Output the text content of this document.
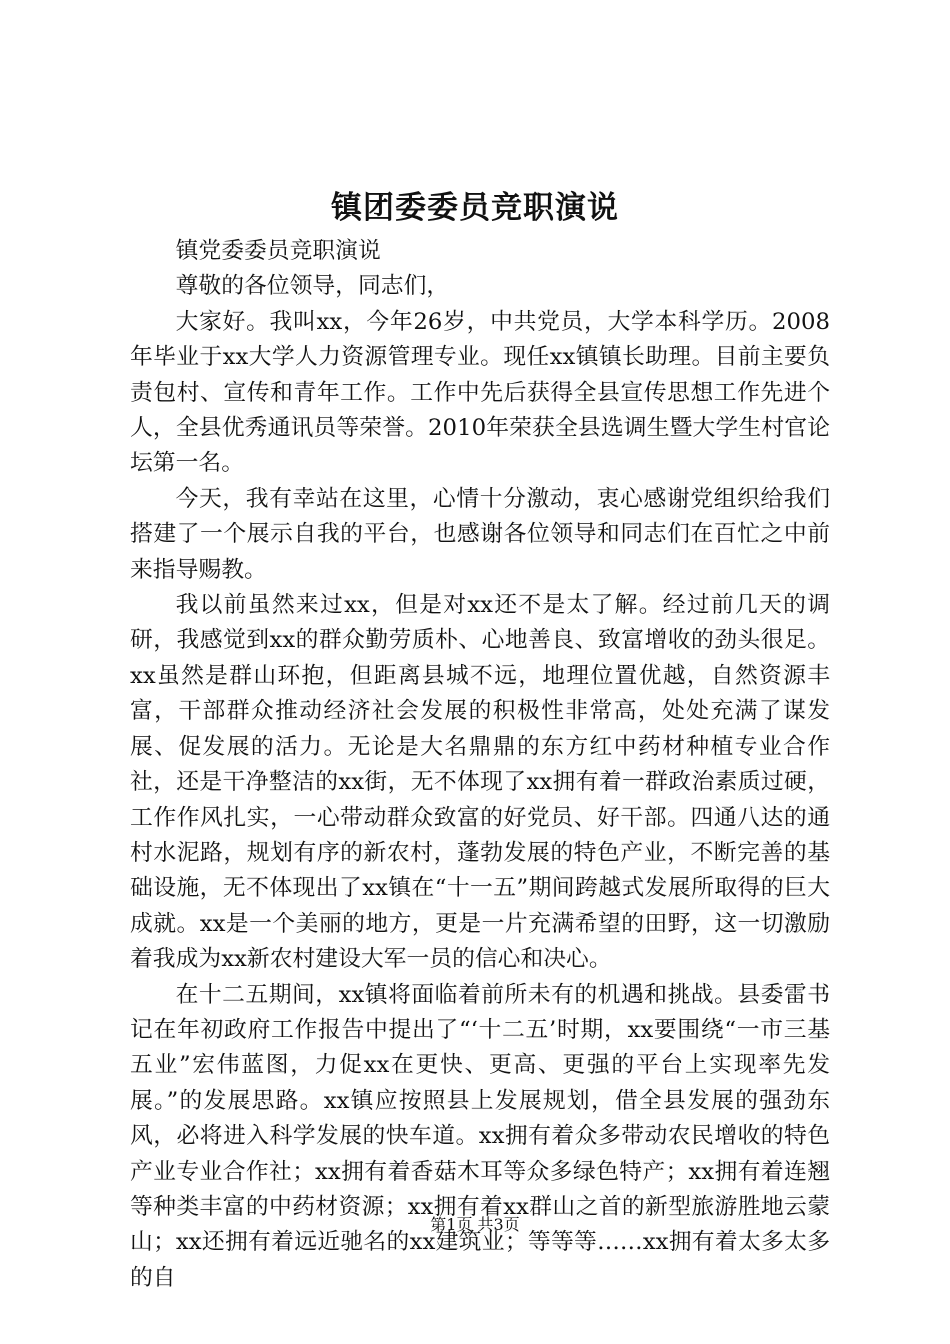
镇团委委员竞职演说

镇党委委员竞职演说

尊敬的各位领导，同志们，

大家好。我叫xx，今年26岁，中共党员，大学本科学历。2008年毕业于xx大学人力资源管理专业。现任xx镇镇长助理。目前主要负责包村、宣传和青年工作。工作中先后获得全县宣传思想工作先进个人，全县优秀通讯员等荣誉。2010年荣获全县选调生暨大学生村官论坛第一名。

今天，我有幸站在这里，心情十分激动，衷心感谢党组织给我们搭建了一个展示自我的平台，也感谢各位领导和同志们在百忙之中前来指导赐教。

我以前虽然来过xx，但是对xx还不是太了解。经过前几天的调研，我感觉到xx的群众勤劳质朴、心地善良、致富增收的劲头很足。xx虽然是群山环抱，但距离县城不远，地理位置优越，自然资源丰富，干部群众推动经济社会发展的积极性非常高，处处充满了谋发展、促发展的活力。无论是大名鼎鼎的东方红中药材种植专业合作社，还是干净整洁的xx街，无不体现了xx拥有着一群政治素质过硬，工作作风扎实，一心带动群众致富的好党员、好干部。四通八达的通村水泥路，规划有序的新农村，蓬勃发展的特色产业，不断完善的基础设施，无不体现出了xx镇在“十一五”期间跨越式发展所取得的巨大成就。xx是一个美丽的地方，更是一片充满希望的田野，这一切激励着我成为xx新农村建设大军一员的信心和决心。

在十二五期间，xx镇将面临着前所未有的机遇和挑战。县委雷书记在年初政府工作报告中提出了“‘十二五’时期，xx要围绕“一市三基五业”宏伟蓝图，力促xx在更快、更高、更强的平台上实现率先发展。”的发展思路。xx镇应按照县上发展规划，借全县发展的强劲东风，必将进入科学发展的快车道。xx拥有着众多带动农民增收的特色产业专业合作社；xx拥有着香菇木耳等众多绿色特产；xx拥有着连翘等种类丰富的中药材资源；xx拥有着xx群山之首的新型旅游胜地云蒙山；xx还拥有着远近驰名的xx建筑业；等等等……xx拥有着太多太多的自

第1页 共3页
